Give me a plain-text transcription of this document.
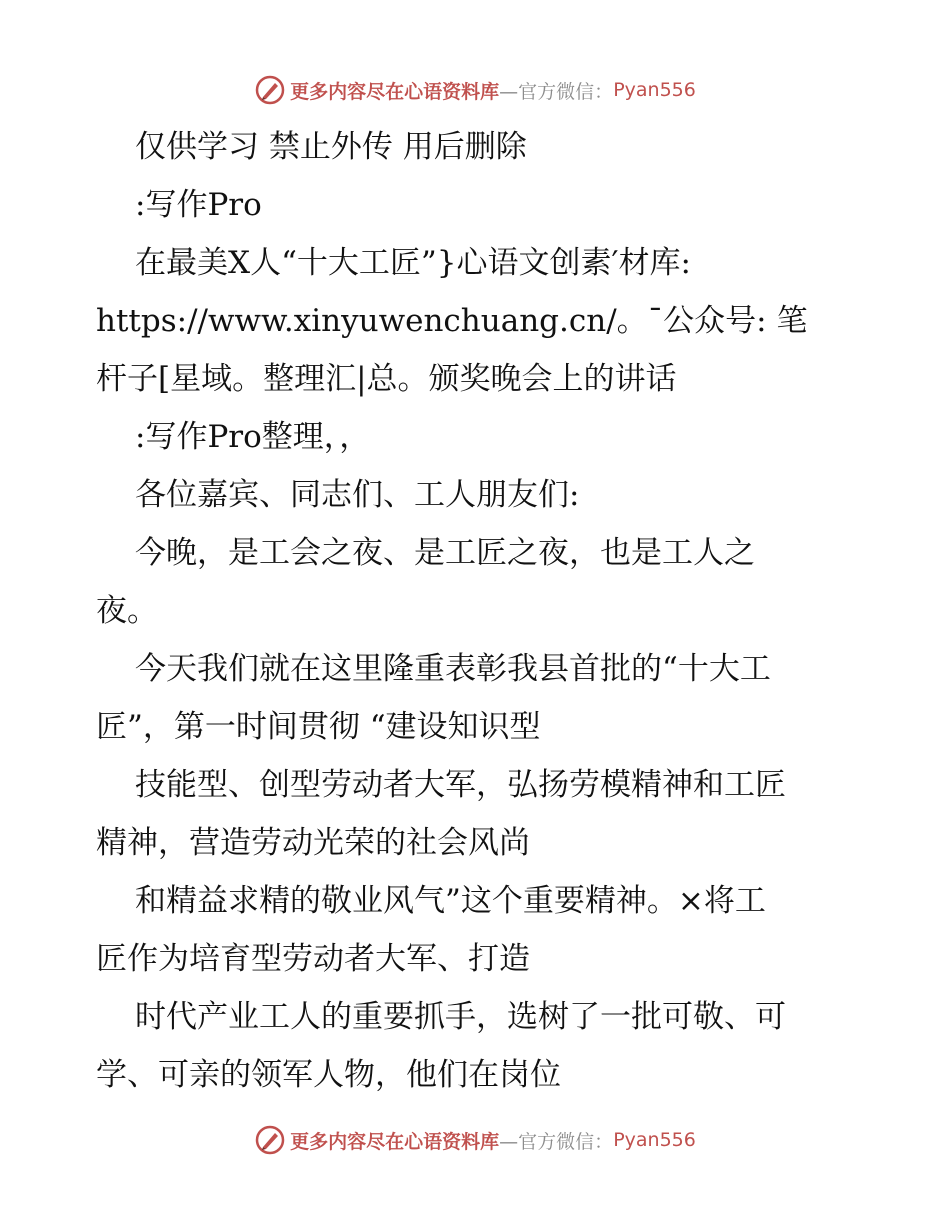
更多内容尽在心语资料库 —官方微信： Pyan556
仅供学习 禁止外传 用后删除
:写作Pro
在最美X人“十大工匠”}心语文创素′材库:
https://www.xinyuwenchuang.cn/。¯公众号: 笔
杆子[星域。整理汇|总。颁奖晚会上的讲话
:写作Pro整理，，
各位嘉宾、同志们、工人朋友们:
今晚，是工会之夜、是工匠之夜，也是工人之
夜。
今天我们就在这里隆重表彰我县首批的“十大工
匠”，第一时间贯彻 “建设知识型
技能型、创型劳动者大军，弘扬劳模精神和工匠
精神，营造劳动光荣的社会风尚
和精益求精的敬业风气”这个重要精神。×将工
匠作为培育型劳动者大军、打造
时代产业工人的重要抓手，选树了一批可敬、可
学、可亲的领军人物，他们在岗位
更多内容尽在心语资料库 —官方微信： Pyan556
